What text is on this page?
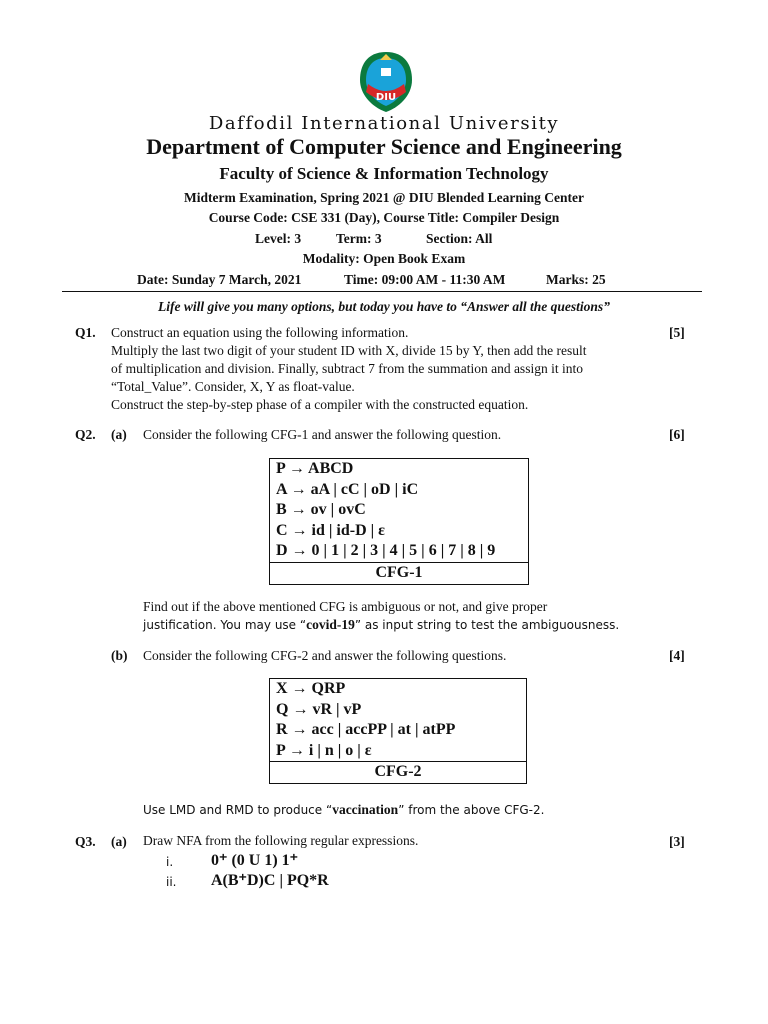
DIU
Daffodil International University
Department of Computer Science and Engineering
Faculty of Science & Information Technology
Midterm Examination, Spring 2021 @ DIU Blended Learning Center
Course Code: CSE 331 (Day), Course Title: Compiler Design
Level: 3	Term: 3	Section: All
Modality: Open Book Exam
Date: Sunday 7 March, 2021	Time: 09:00 AM - 11:30 AM	Marks: 25
Life will give you many options, but today you have to “Answer all the questions”
Q1.	[5]
Construct an equation using the following information.
Multiply the last two digit of your student ID with X, divide 15 by Y, then add the result
of multiplication and division. Finally, subtract 7 from the summation and assign it into
“Total_Value”. Consider, X, Y as float-value.
Construct the step-by-step phase of a compiler with the constructed equation.
Q2. (a) Consider the following CFG-1 and answer the following question.	[6]
P → ABCD
A → aA | cC | oD | iC
B → ov | ovC
C → id | id-D | ε
D → 0 | 1 | 2 | 3 | 4 | 5 | 6 | 7 | 8 | 9

CFG-1
Find out if the above mentioned CFG is ambiguous or not, and give proper
justification. You may use “covid-19” as input string to test the ambiguousness.
(b) Consider the following CFG-2 and answer the following questions.	[4]
X → QRP
Q → vR | vP
R → acc | accPP | at | atPP
P → i | n | o | ε

CFG-2
Use LMD and RMD to produce “vaccination” from the above CFG-2.
Q3. (a) Draw NFA from the following regular expressions.	[3]
i. 0⁺ (0 U 1) 1⁺
ii. A(B⁺D)C | PQ*R
